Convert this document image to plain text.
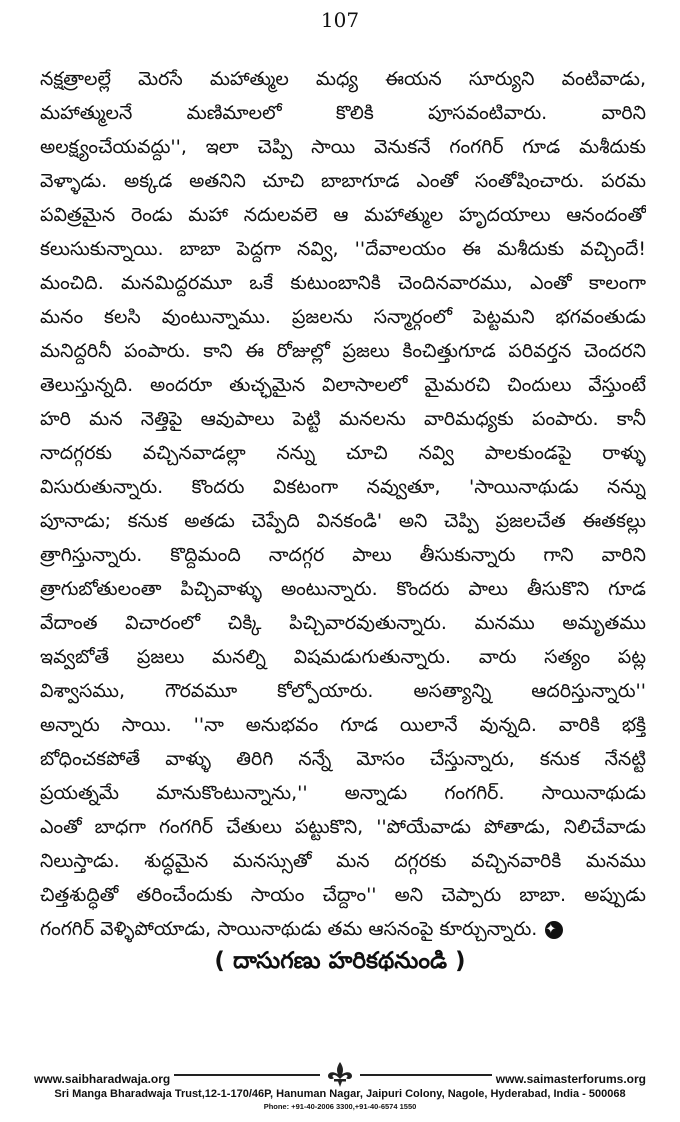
107
నక్షత్రాలల్లే మెరసే మహాత్ముల మధ్య ఈయన సూర్యుని వంటివాడు,
మహాత్ములనే మణిమాలలో కొలికి పూసవంటివారు. వారిని
అలక్ష్యంచేయవద్దు'', ఇలా చెప్పి సాయి వెనుకనే గంగగిర్ గూడ మశీదుకు
వెళ్ళాడు. అక్కడ అతనిని చూచి బాబాగూడ ఎంతో సంతోషించారు. పరమ
పవిత్రమైన రెండు మహా నదులవలె ఆ మహాత్ముల హృదయాలు ఆనందంతో
కలుసుకున్నాయి. బాబా పెద్దగా నవ్వి, ''దేవాలయం ఈ మశీదుకు వచ్చిందే!
మంచిది. మనమిద్దరమూ ఒకే కుటుంబానికి చెందినవారము, ఎంతో కాలంగా
మనం కలసి వుంటున్నాము. ప్రజలను సన్మార్గంలో పెట్టమని భగవంతుడు
మనిద్దరినీ పంపారు. కాని ఈ రోజుల్లో ప్రజలు కించిత్తుగూడ పరివర్తన చెందరని
తెలుస్తున్నది. అందరూ తుచ్ఛమైన విలాసాలలో మైమరచి చిందులు వేస్తుంటే
హరి మన నెత్తిపై ఆవుపాలు పెట్టి మనలను వారిమధ్యకు పంపారు. కానీ
నాదగ్గరకు వచ్చినవాడల్లా నన్ను చూచి నవ్వి పాలకుండపై రాళ్ళు
విసురుతున్నారు. కొందరు వికటంగా నవ్వుతూ, 'సాయినాథుడు నన్ను
పూనాడు; కనుక అతడు చెప్పేది వినకండి' అని చెప్పి ప్రజలచేత ఈతకల్లు
త్రాగిస్తున్నారు. కొద్దిమంది నాదగ్గర పాలు తీసుకున్నారు గాని వారిని
త్రాగుబోతులంతా పిచ్చివాళ్ళు అంటున్నారు. కొందరు పాలు తీసుకొని గూడ
వేదాంత విచారంలో చిక్కి పిచ్చివారవుతున్నారు. మనము అమృతము
ఇవ్వబోతే ప్రజలు మనల్ని విషమడుగుతున్నారు. వారు సత్యం పట్ల
విశ్వాసము, గౌరవమూ కోల్పోయారు. అసత్యాన్ని ఆదరిస్తున్నారు''
అన్నారు సాయి. ''నా అనుభవం గూడ యిలానే వున్నది. వారికి భక్తి
బోధించకపోతే వాళ్ళు తిరిగి నన్నే మోసం చేస్తున్నారు, కనుక నేనట్టి
ప్రయత్నమే మానుకొంటున్నాను,'' అన్నాడు గంగగిర్. సాయినాథుడు
ఎంతో బాధగా గంగగిర్ చేతులు పట్టుకొని, ''పోయేవాడు పోతాడు, నిలిచేవాడు
నిలుస్తాడు. శుద్ధమైన మనస్సుతో మన దగ్గరకు వచ్చినవారికి మనము
చిత్తశుద్ధితో తరించేందుకు సాయం చేద్దాం'' అని చెప్పారు బాబా. అప్పుడు
గంగగిర్ వెళ్ళిపోయాడు, సాయినాథుడు తమ ఆసనంపై కూర్చున్నారు. ✦
( దాసుగణు హరికథనుండి )
www.saibharadwaja.org	www.saimasterforums.org
Sri Manga Bharadwaja Trust,12-1-170/46P, Hanuman Nagar, Jaipuri Colony, Nagole, Hyderabad, India - 500068
Phone: +91-40-2006 3300,+91-40-6574 1550
